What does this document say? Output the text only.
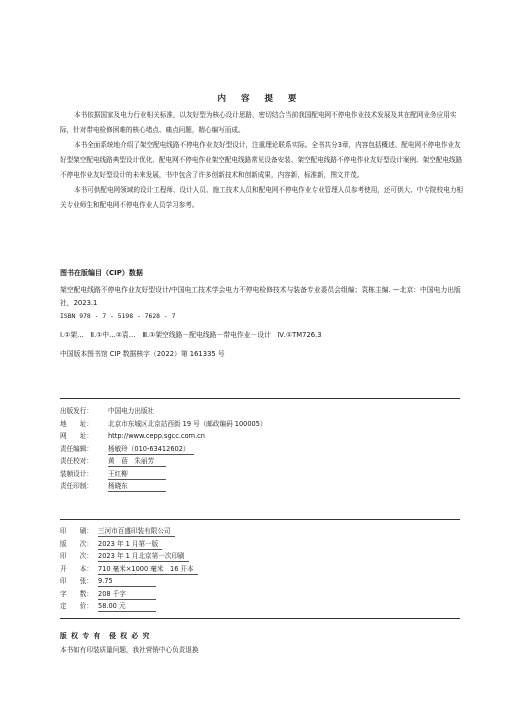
内 容 提 要

本书依据国家及电力行业相关标准，以友好型为核心设计思路，密切结合当前我国配电网不停电作业技术发展及其在配网业务应用实际，针对带电检修困难的核心堵点、痛点问题，精心编写而成。

本书全面系统地介绍了架空配电线路不停电作业友好型设计，注重理论联系实际。全书共分3章，内容包括概述、配电网不停电作业友好型架空配电线路典型设计优化、配电网不停电作业架空配电线路常见设备安装、架空配电线路不停电作业友好型设计案例、架空配电线路不停电作业友好型设计的未来发展，书中包含了许多创新技术和创新成果，内容新，标准新，图文并茂。

本书可供配电网领域的设计工程师、设计人员、施工技术人员和配电网不停电作业专业管理人员参考使用，还可供大、中专院校电力相关专业师生和配电网不停电作业人员学习参考。

图书在版编目（CIP）数据
架空配电线路不停电作业友好型设计/中国电工技术学会电力不停电检修技术与装备专业委员会组编；袁栋主编. —北京：中国电力出版社，2023.1
ISBN 978 - 7 - 5198 - 7628 - 7
Ⅰ.①架…　Ⅱ.①中…②袁…　Ⅲ.①架空线路－配电线路－带电作业－设计　Ⅳ.①TM726.3
中国版本图书馆 CIP 数据核字（2022）第 161335 号
出版发行： 中国电力出版社
地　　址： 北京市东城区北京站西街 19 号（邮政编码 100005）
网　　址： http://www.cepp.sgcc.com.cn
责任编辑： 杨敏玲（010-63412602）
责任校对： 黄　蓓　朱丽芳
装帧设计： 王红柳
责任印制： 杨晓东
印　　刷： 三河市百盛印装有限公司
版　　次： 2023 年 1 月第一版
印　　次： 2023 年 1 月北京第一次印刷
开　　本： 710 毫米×1000 毫米　16 开本
印　　张： 9.75
字　　数： 208 千字
定　　价： 58.00 元
版 权 专 有　侵 权 必 究
本书如有印装质量问题，我社营销中心负责退换
